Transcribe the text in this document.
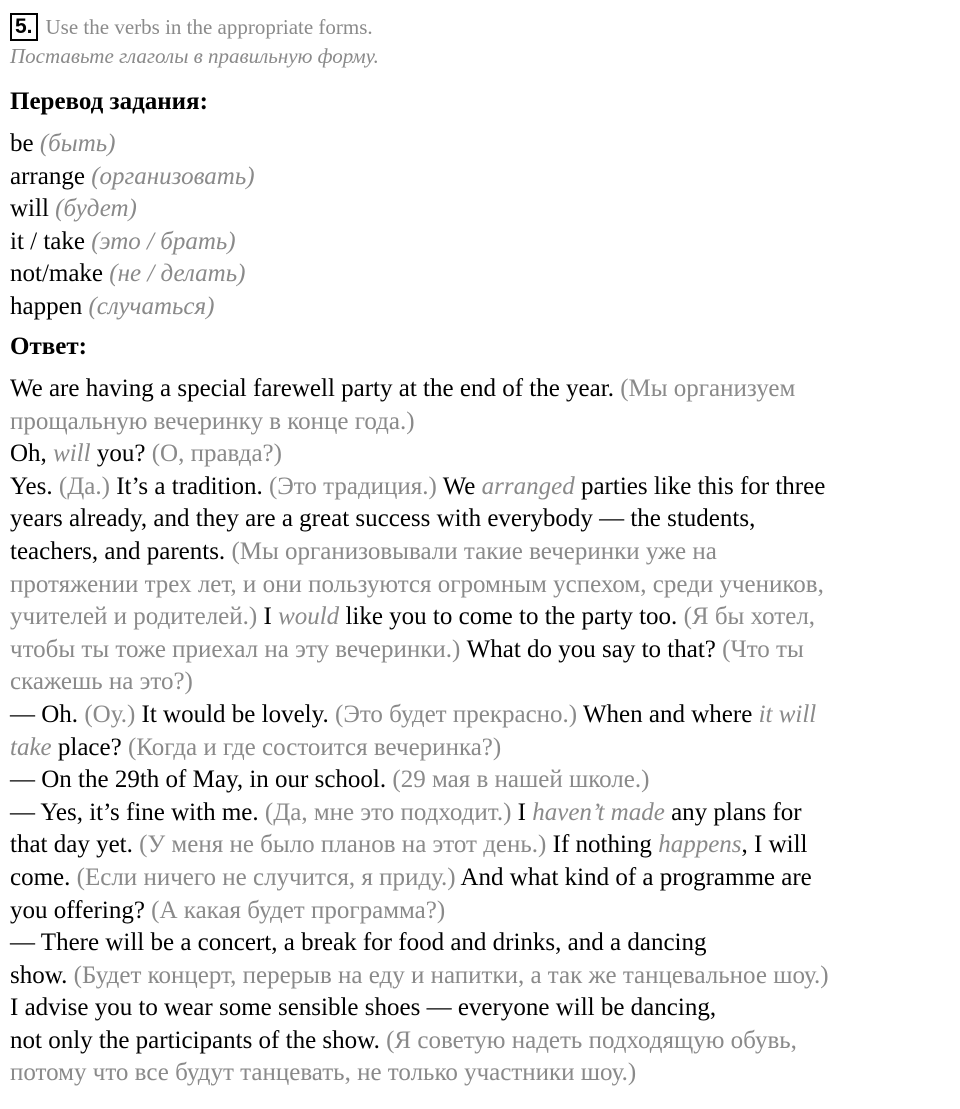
5. Use the verbs in the appropriate forms.
Поставьте глаголы в правильную форму.
Перевод задания:
be (быть)
arrange (организовать)
will (будет)
it / take (это / брать)
not/make (не / делать)
happen (случаться)
Ответ:
We are having a special farewell party at the end of the year. (Мы организуем
прощальную вечеринку в конце года.)
Oh, will you? (О, правда?)
Yes. (Да.) It’s a tradition. (Это традиция.) We arranged parties like this for three
years already, and they are a great success with everybody — the students,
teachers, and parents. (Мы организовывали такие вечеринки уже на
протяжении трех лет, и они пользуются огромным успехом, среди учеников,
учителей и родителей.) I would like you to come to the party too. (Я бы хотел,
чтобы ты тоже приехал на эту вечеринки.) What do you say to that? (Что ты
скажешь на это?)
— Oh. (Оу.) It would be lovely. (Это будет прекрасно.) When and where it will
take place? (Когда и где состоится вечеринка?)
— On the 29th of May, in our school. (29 мая в нашей школе.)
— Yes, it’s fine with me. (Да, мне это подходит.) I haven’t made any plans for
that day yet. (У меня не было планов на этот день.) If nothing happens, I will
come. (Если ничего не случится, я приду.) And what kind of a programme are
you offering? (А какая будет программа?)
— There will be a concert, a break for food and drinks, and a dancing
show. (Будет концерт, перерыв на еду и напитки, а так же танцевальное шоу.)
I advise you to wear some sensible shoes — everyone will be dancing,
not only the participants of the show. (Я советую надеть подходящую обувь,
потому что все будут танцевать, не только участники шоу.)
